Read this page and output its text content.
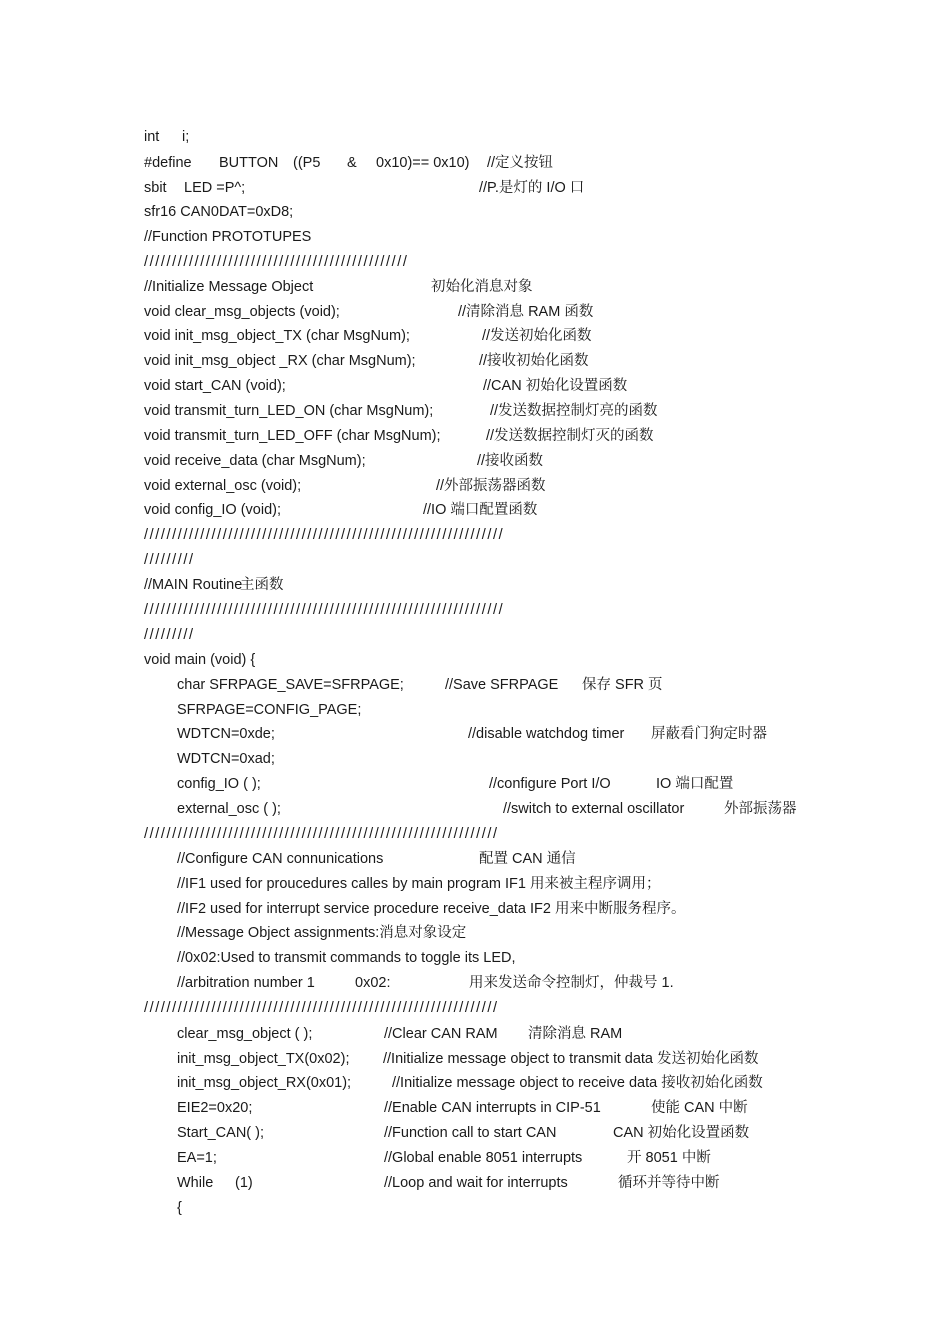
int i;
#define BUTTON ((P5 & 0x10)== 0x10) //定义按钮
sbit LED =P^;	//P.是灯的 I/O 口
sfr16 CAN0DAT=0xD8;
//Function PROTOTUPES
///////////////////////////////////////////////
//Initialize Message Object	初始化消息对象
void clear_msg_objects (void);	//清除消息 RAM 函数
void init_msg_object_TX (char MsgNum);	//发送初始化函数
void init_msg_object _RX (char MsgNum);	//接收初始化函数
void start_CAN (void);	//CAN 初始化设置函数
void transmit_turn_LED_ON (char MsgNum);	//发送数据控制灯亮的函数
void transmit_turn_LED_OFF (char MsgNum);	//发送数据控制灯灭的函数
void receive_data (char MsgNum);	//接收函数
void external_osc (void);	//外部振荡器函数
void config_IO (void);	//IO 端口配置函数
////////////////////////////////////////////////////////////////
/////////
//MAIN Routine
主函数
////////////////////////////////////////////////////////////////
/////////
void main (void) {
char SFRPAGE_SAVE=SFRPAGE;	//Save SFRPAGE 保存 SFR 页
SFRPAGE=CONFIG_PAGE;
WDTCN=0xde;	//disable watchdog timer 屏蔽看门狗定时器
WDTCN=0xad;
config_IO ( );	//configure Port I/O	IO 端口配置
external_osc ( );	//switch to external oscillator	外部振荡器
///////////////////////////////////////////////////////////////
//Configure CAN connunications	配置 CAN 通信
//IF1 used for proucedures calles by main program IF1 用来被主程序调用；
//IF2 used for interrupt service procedure receive_data IF2 用来中断服务程序。
//Message Object assignments:消息对象设定
//0x02:Used to transmit commands to toggle its LED,
//arbitration number 1	0x02:	用来发送命令控制灯，仲裁号 1.
///////////////////////////////////////////////////////////////
clear_msg_object ( );	//Clear CAN RAM 清除消息 RAM
init_msg_object_TX(0x02); //Initialize message object to transmit data 发送初始化函数
init_msg_object_RX(0x01);	//Initialize message object to receive data 接收初始化函数
EIE2=0x20;	//Enable CAN interrupts in CIP-51	使能 CAN 中断
Start_CAN( );	//Function call to start CAN	CAN 初始化设置函数
EA=1;	//Global enable 8051 interrupts	开 8051 中断
While (1)	//Loop and wait for interrupts	循环并等待中断
{
